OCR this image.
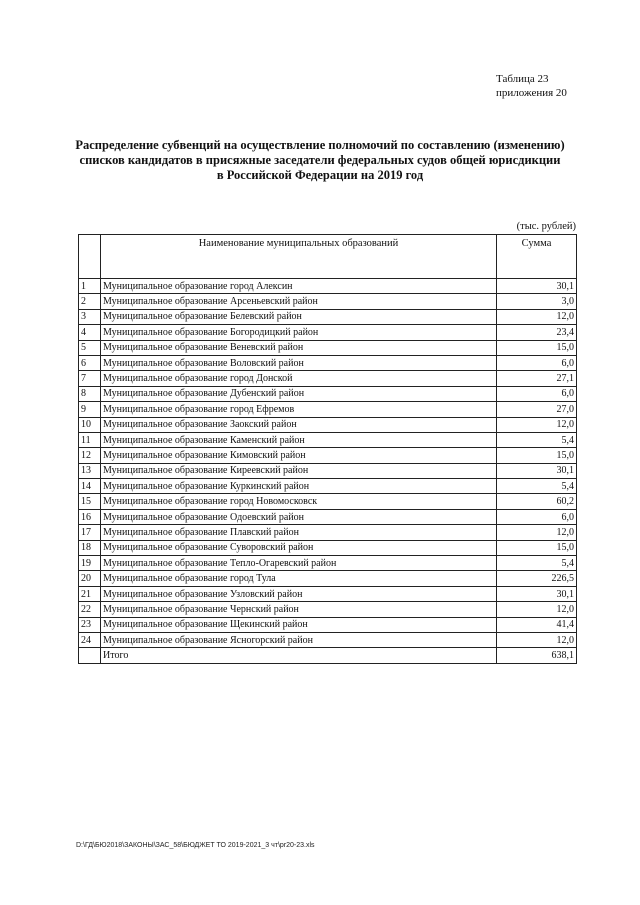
Таблица 23
приложения 20
Распределение субвенций на осуществление полномочий по составлению (изменению)
списков кандидатов в присяжные заседатели федеральных судов общей юрисдикции
в Российской Федерации на 2019 год
(тыс. рублей)
	Наименование муниципальных образований	Сумма
1	Муниципальное образование город Алексин	30,1
2	Муниципальное образование Арсеньевский район	3,0
3	Муниципальное образование Белевский район	12,0
4	Муниципальное образование Богородицкий район	23,4
5	Муниципальное образование Веневский район	15,0
6	Муниципальное образование Воловский район	6,0
7	Муниципальное образование город Донской	27,1
8	Муниципальное образование Дубенский район	6,0
9	Муниципальное образование город Ефремов	27,0
10	Муниципальное образование Заокский район	12,0
11	Муниципальное образование Каменский район	5,4
12	Муниципальное образование Кимовский район	15,0
13	Муниципальное образование Киреевский район	30,1
14	Муниципальное образование Куркинский район	5,4
15	Муниципальное образование город Новомосковск	60,2
16	Муниципальное образование Одоевский район	6,0
17	Муниципальное образование Плавский район	12,0
18	Муниципальное образование Суворовский район	15,0
19	Муниципальное образование Тепло-Огаревский район	5,4
20	Муниципальное образование город Тула	226,5
21	Муниципальное образование Узловский район	30,1
22	Муниципальное образование Чернский район	12,0
23	Муниципальное образование Щекинский район	41,4
24	Муниципальное образование Ясногорский район	12,0
	Итого	638,1
D:\ГД\БЮ2018\ЗАКОНЫ\ЗАС_58\БЮДЖЕТ ТО 2019-2021_3 чт\pr20-23.xls
